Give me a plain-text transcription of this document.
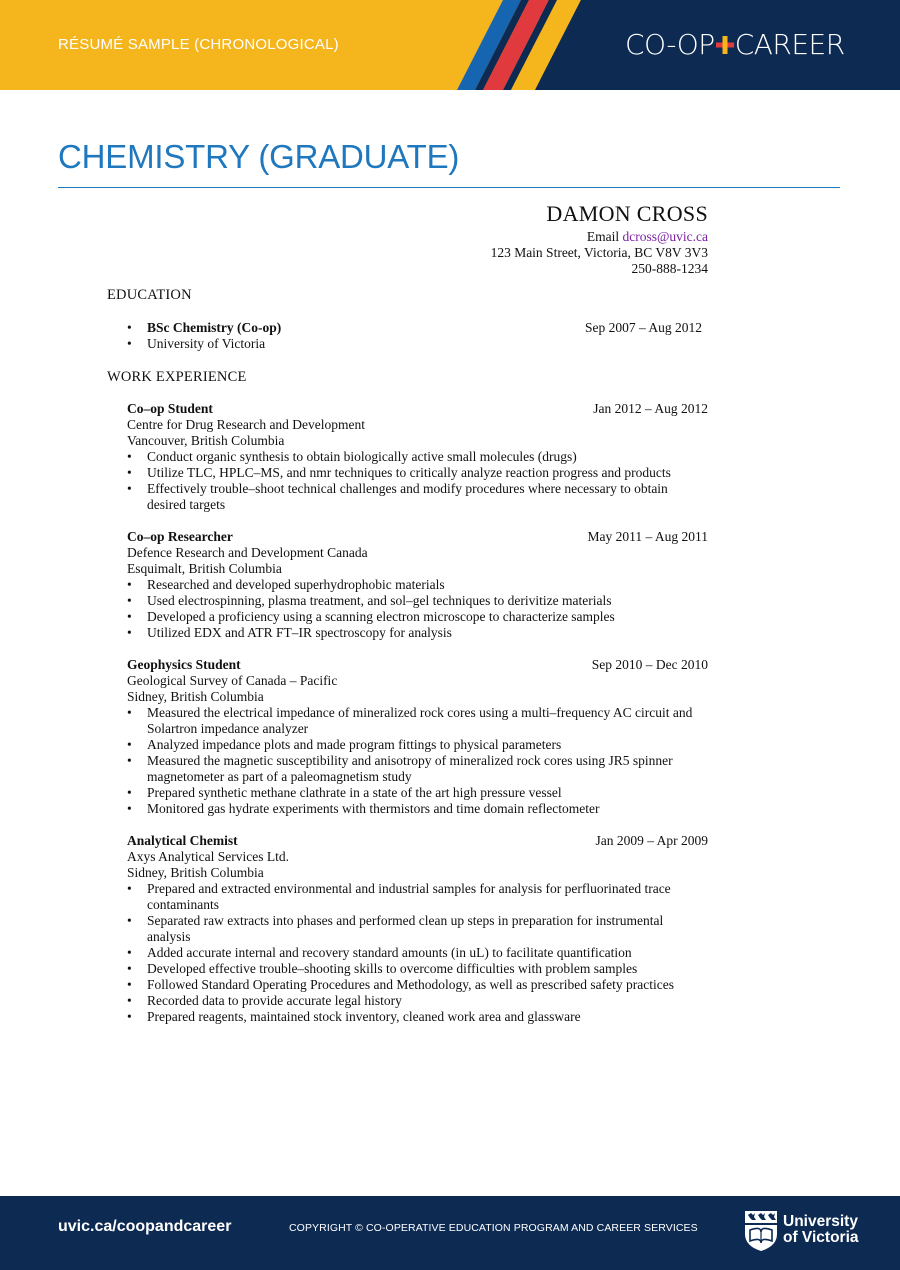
RÉSUMÉ SAMPLE (CHRONOLOGICAL)	CO-OP CAREER
CHEMISTRY (GRADUATE)
DAMON CROSS
Email dcross@uvic.ca
123 Main Street, Victoria, BC V8V 3V3
250-888-1234
EDUCATION
• BSc Chemistry (Co-op)	Sep 2007 – Aug 2012
• University of Victoria
WORK EXPERIENCE
Co–op Student	Jan 2012 – Aug 2012
Centre for Drug Research and Development
Vancouver, British Columbia
• Conduct organic synthesis to obtain biologically active small molecules (drugs)
• Utilize TLC, HPLC–MS, and nmr techniques to critically analyze reaction progress and products
• Effectively trouble–shoot technical challenges and modify procedures where necessary to obtain desired targets
Co–op Researcher	May 2011 – Aug 2011
Defence Research and Development Canada
Esquimalt, British Columbia
• Researched and developed superhydrophobic materials
• Used electrospinning, plasma treatment, and sol–gel techniques to derivitize materials
• Developed a proficiency using a scanning electron microscope to characterize samples
• Utilized EDX and ATR FT–IR spectroscopy for analysis
Geophysics Student	Sep 2010 – Dec 2010
Geological Survey of Canada – Pacific
Sidney, British Columbia
• Measured the electrical impedance of mineralized rock cores using a multi–frequency AC circuit and Solartron impedance analyzer
• Analyzed impedance plots and made program fittings to physical parameters
• Measured the magnetic susceptibility and anisotropy of mineralized rock cores using JR5 spinner magnetometer as part of a paleomagnetism study
• Prepared synthetic methane clathrate in a state of the art high pressure vessel
• Monitored gas hydrate experiments with thermistors and time domain reflectometer
Analytical Chemist	Jan 2009 – Apr 2009
Axys Analytical Services Ltd.
Sidney, British Columbia
• Prepared and extracted environmental and industrial samples for analysis for perfluorinated trace contaminants
• Separated raw extracts into phases and performed clean up steps in preparation for instrumental analysis
• Added accurate internal and recovery standard amounts (in uL) to facilitate quantification
• Developed effective trouble–shooting skills to overcome difficulties with problem samples
• Followed Standard Operating Procedures and Methodology, as well as prescribed safety practices
• Recorded data to provide accurate legal history
• Prepared reagents, maintained stock inventory, cleaned work area and glassware
uvic.ca/coopandcareer	COPYRIGHT © CO-OPERATIVE EDUCATION PROGRAM AND CAREER SERVICES	University
of Victoria
